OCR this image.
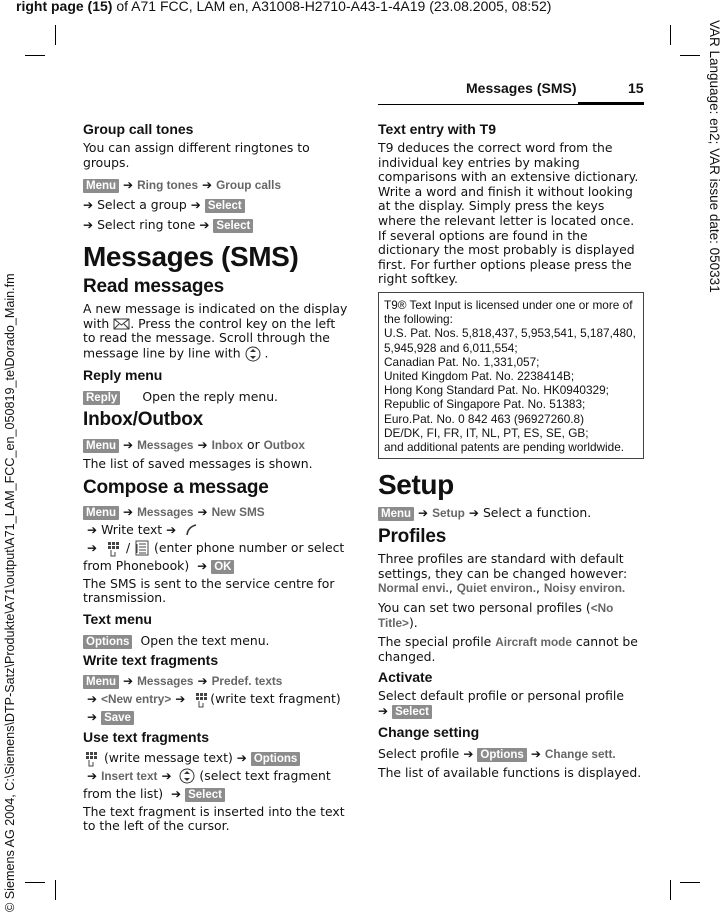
right page (15) of A71 FCC, LAM en, A31008-H2710-A43-1-4A19 (23.08.2005, 08:52)
© Siemens AG 2004, C:\Siemens\DTP-Satz\Produkte\A71\output\A71_LAM_FCC_en_050819_te\Dorado_Main.fm
VAR Language: en2; VAR issue date: 050331
Messages (SMS)	15
Group call tones

You can assign different ringtones to groups.

Menu ➔ Ring tones ➔ Group calls
➔ Select a group ➔ Select
➔ Select ring tone ➔ Select
Messages (SMS)
Read messages

A new message is indicated on the display with . Press the control key on the left to read the message. Scroll through the message line by line with  .

Reply menu
Reply Open the reply menu.
Inbox/Outbox
Menu ➔ Messages ➔ Inbox or Outbox

The list of saved messages is shown.

Compose a message
Menu ➔ Messages ➔ New SMS
➔ Write text ➔
➔  /  (enter phone number or select from Phonebook) ➔ OK

The SMS is sent to the service centre for transmission.

Text menu
Options Open the text menu.
Write text fragments
Menu ➔ Messages ➔ Predef. texts
➔ <New entry> ➔ (write text fragment) ➔ Save
Use text fragments
(write message text) ➔ Options
➔ Insert text ➔ (select text fragment from the list) ➔ Select

The text fragment is inserted into the text to the left of the cursor.

Text entry with T9

T9 deduces the correct word from the individual key entries by making comparisons with an extensive dictionary. Write a word and finish it without looking at the display. Simply press the keys where the relevant letter is located once. If several options are found in the dictionary the most probably is displayed first. For further options please press the right softkey.

T9® Text Input is licensed under one or more of the following:
U.S. Pat. Nos. 5,818,437, 5,953,541, 5,187,480, 5,945,928 and 6,011,554;
Canadian Pat. No. 1,331,057;
United Kingdom Pat. No. 2238414B;
Hong Kong Standard Pat. No. HK0940329;
Republic of Singapore Pat. No. 51383;
Euro.Pat. No. 0 842 463 (96927260.8)
DE/DK, FI, FR, IT, NL, PT, ES, SE, GB;
and additional patents are pending worldwide.
Setup
Menu ➔ Setup ➔ Select a function.
Profiles

Three profiles are standard with default settings, they can be changed however: Normal envi., Quiet environ., Noisy environ.

You can set two personal profiles (<No Title>).

The special profile Aircraft mode cannot be changed.

Activate

Select default profile or personal profile
➔ Select

Change setting
Select profile ➔ Options ➔ Change sett.

The list of available functions is displayed.
